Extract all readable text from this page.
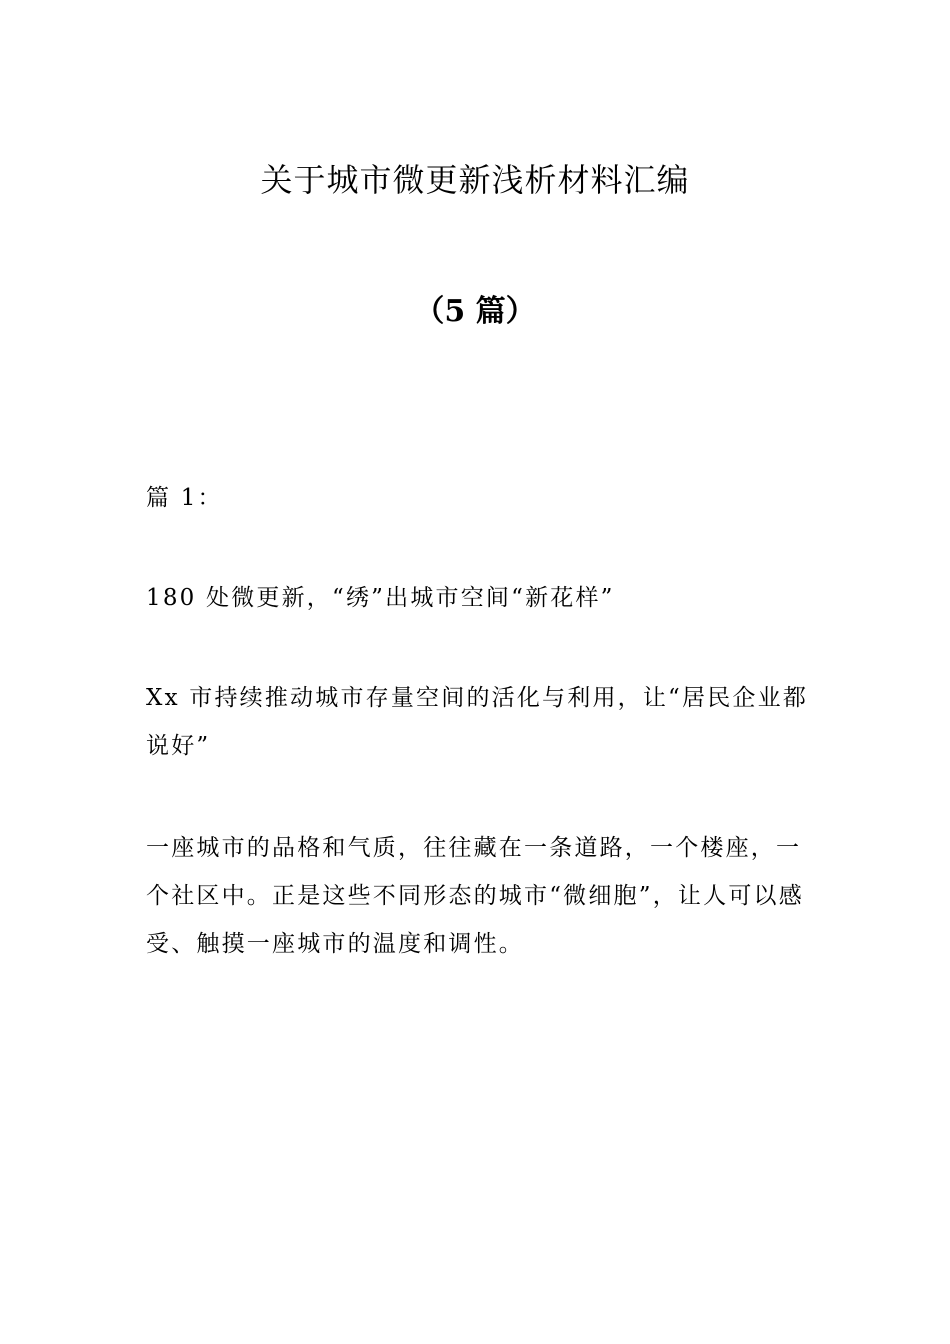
关于城市微更新浅析材料汇编
（5 篇）

篇 1：

180 处微更新，“绣”出城市空间“新花样”

Xx 市持续推动城市存量空间的活化与利用，让“居民企业都说好”

一座城市的品格和气质，往往藏在一条道路，一个楼座，一个社区中。正是这些不同形态的城市“微细胞”，让人可以感受、触摸一座城市的温度和调性。
